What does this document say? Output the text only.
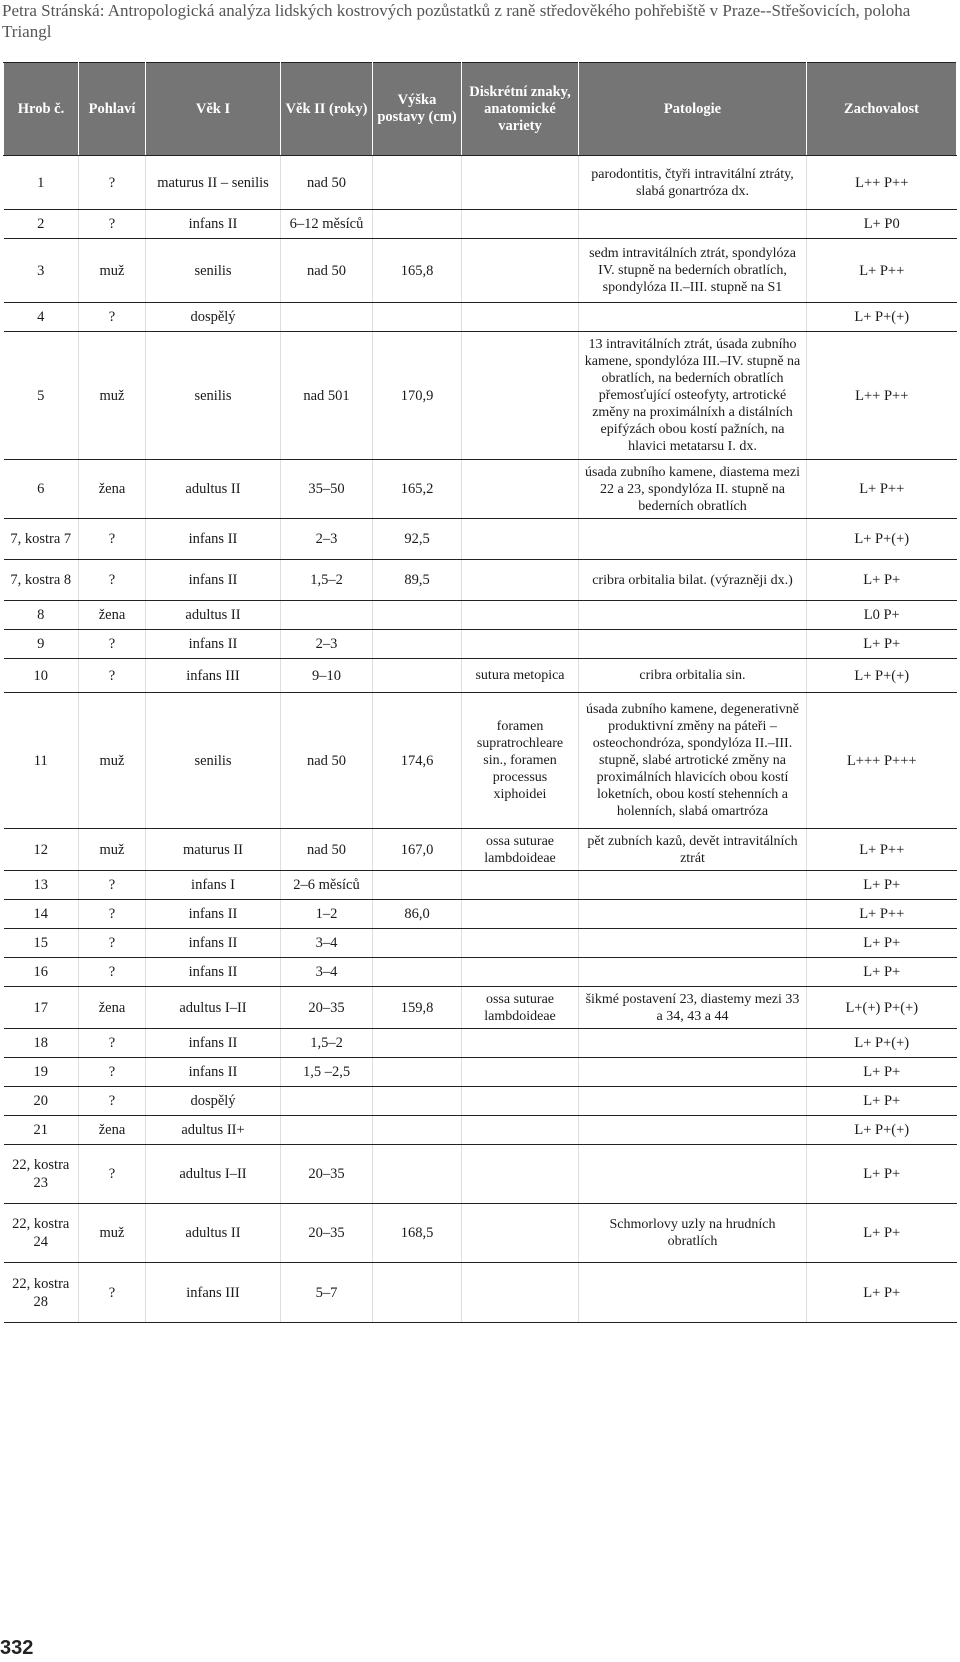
Petra Stránská: Antropologická analýza lidských kostrových pozůstatků z raně středověkého pohřebiště v Praze--Střešovicích, poloha Triangl
Hrob č.	Pohlaví	Věk I	Věk II (roky)	Výška postavy (cm)	Diskrétní znaky, anatomické variety	Patologie	Zachovalost
1	?	maturus II – senilis	nad 50			parodontitis, čtyři intravitální ztráty, slabá gonartróza dx.	L++ P++
2	?	infans II	6–12 měsíců				L+ P0
3	muž	senilis	nad 50	165,8		sedm intravitálních ztrát, spondylóza IV. stupně na bederních obratlích, spondylóza II.–III. stupně na S1	L+ P++
4	?	dospělý					L+ P+(+)
5	muž	senilis	nad 501	170,9		13 intravitálních ztrát, úsada zubního kamene, spondylóza III.–IV. stupně na obratlích, na bederních obratlích přemosťující osteofyty, artrotické změny na proximálníxh a distálních epifýzách obou kostí pažních, na hlavici metatarsu I. dx.	L++ P++
6	žena	adultus II	35–50	165,2		úsada zubního kamene, diastema mezi 22 a 23, spondylóza II. stupně na bederních obratlích	L+ P++
7, kostra 7	?	infans II	2–3	92,5			L+ P+(+)
7, kostra 8	?	infans II	1,5–2	89,5		cribra orbitalia bilat. (výrazněji dx.)	L+ P+
8	žena	adultus II					L0 P+
9	?	infans II	2–3				L+ P+
10	?	infans III	9–10		sutura metopica	cribra orbitalia sin.	L+ P+(+)
11	muž	senilis	nad 50	174,6	foramen supratrochleare sin., foramen processus xiphoidei	úsada zubního kamene, degenerativně produktivní změny na páteři – osteochondróza, spondylóza II.–III. stupně, slabé artrotické změny na proximálních hlavicích obou kostí loketních, obou kostí stehenních a holenních, slabá omartróza	L+++ P+++
12	muž	maturus II	nad 50	167,0	ossa suturae lambdoideae	pět zubních kazů, devět intravitálních ztrát	L+ P++
13	?	infans I	2–6 měsíců				L+ P+
14	?	infans II	1–2	86,0			L+ P++
15	?	infans II	3–4				L+ P+
16	?	infans II	3–4				L+ P+
17	žena	adultus I–II	20–35	159,8	ossa suturae lambdoideae	šikmé postavení 23, diastemy mezi 33 a 34, 43 a 44	L+(+) P+(+)
18	?	infans II	1,5–2				L+ P+(+)
19	?	infans II	1,5 –2,5				L+ P+
20	?	dospělý					L+ P+
21	žena	adultus II+					L+ P+(+)
22, kostra 23	?	adultus I–II	20–35				L+ P+
22, kostra 24	muž	adultus II	20–35	168,5		Schmorlovy uzly na hrudních obratlích	L+ P+
22, kostra 28	?	infans III	5–7				L+ P+
332
